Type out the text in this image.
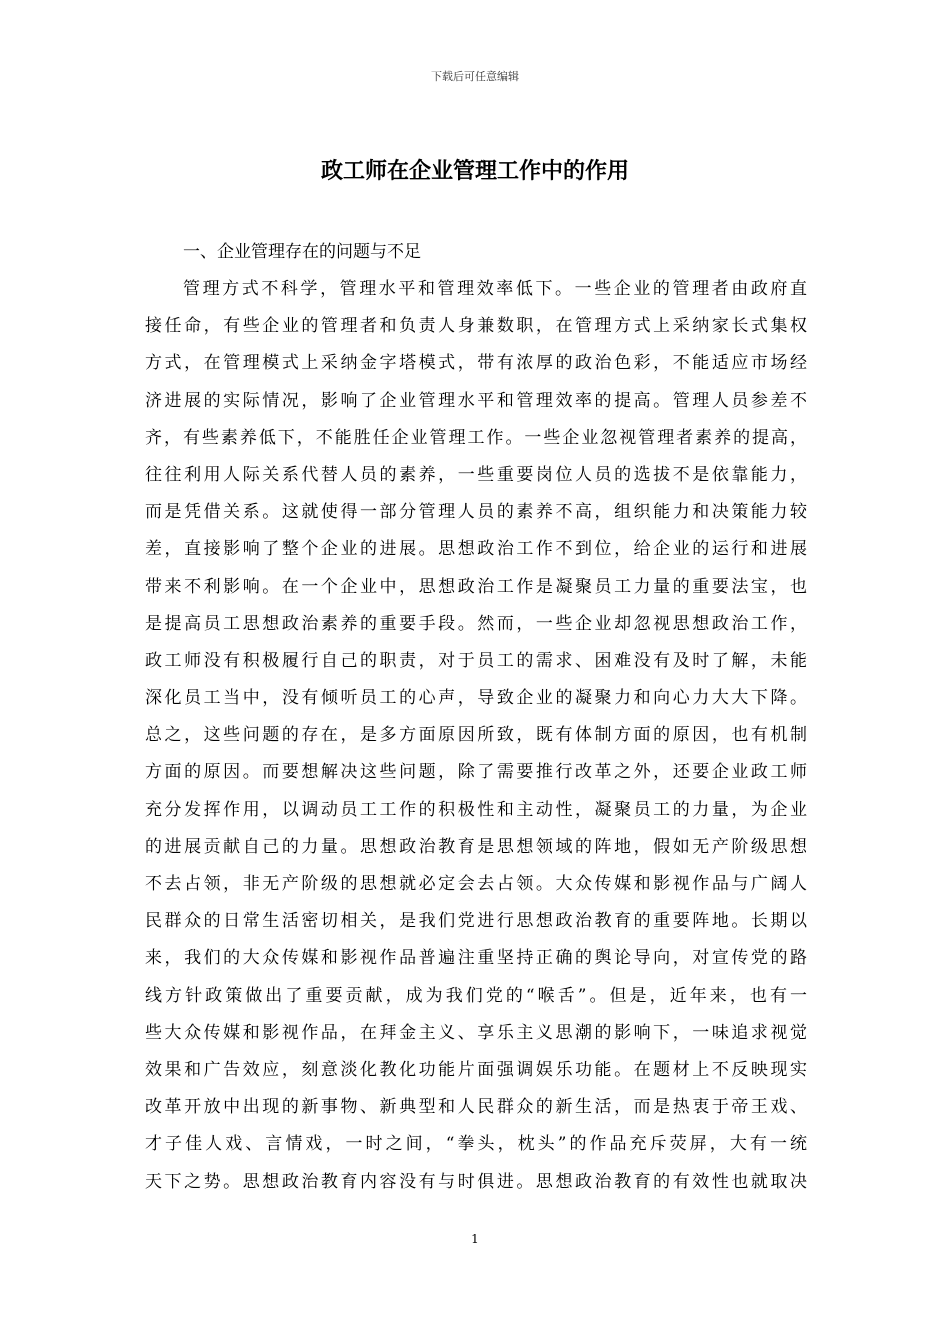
下载后可任意编辑
政工师在企业管理工作中的作用
一、企业管理存在的问题与不足
管理方式不科学，管理水平和管理效率低下。一些企业的管理者由政府直
接任命，有些企业的管理者和负责人身兼数职，在管理方式上采纳家长式集权
方式，在管理模式上采纳金字塔模式，带有浓厚的政治色彩，不能适应市场经
济进展的实际情况，影响了企业管理水平和管理效率的提高。管理人员参差不
齐，有些素养低下，不能胜任企业管理工作。一些企业忽视管理者素养的提高，
往往利用人际关系代替人员的素养，一些重要岗位人员的选拔不是依靠能力，
而是凭借关系。这就使得一部分管理人员的素养不高，组织能力和决策能力较
差，直接影响了整个企业的进展。思想政治工作不到位，给企业的运行和进展
带来不利影响。在一个企业中，思想政治工作是凝聚员工力量的重要法宝，也
是提高员工思想政治素养的重要手段。然而，一些企业却忽视思想政治工作，
政工师没有积极履行自己的职责，对于员工的需求、困难没有及时了解，未能
深化员工当中，没有倾听员工的心声，导致企业的凝聚力和向心力大大下降。
总之，这些问题的存在，是多方面原因所致，既有体制方面的原因，也有机制
方面的原因。而要想解决这些问题，除了需要推行改革之外，还要企业政工师
充分发挥作用，以调动员工工作的积极性和主动性，凝聚员工的力量，为企业
的进展贡献自己的力量。思想政治教育是思想领域的阵地，假如无产阶级思想
不去占领，非无产阶级的思想就必定会去占领。大众传媒和影视作品与广阔人
民群众的日常生活密切相关，是我们党进行思想政治教育的重要阵地。长期以
来，我们的大众传媒和影视作品普遍注重坚持正确的舆论导向，对宣传党的路
线方针政策做出了重要贡献，成为我们党的“喉舌”。但是，近年来，也有一
些大众传媒和影视作品，在拜金主义、享乐主义思潮的影响下，一味追求视觉
效果和广告效应，刻意淡化教化功能片面强调娱乐功能。在题材上不反映现实
改革开放中出现的新事物、新典型和人民群众的新生活，而是热衷于帝王戏、
才子佳人戏、言情戏，一时之间，“拳头，枕头”的作品充斥荧屏，大有一统
天下之势。思想政治教育内容没有与时俱进。思想政治教育的有效性也就取决
1
